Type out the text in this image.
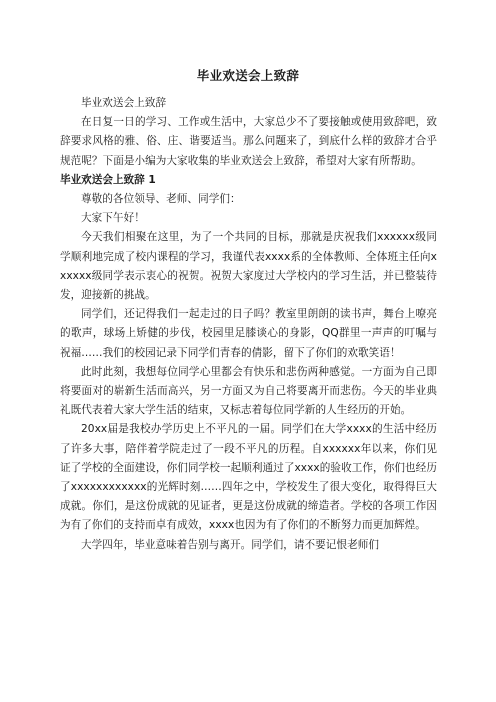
毕业欢送会上致辞

毕业欢送会上致辞

在日复一日的学习、工作或生活中，大家总少不了要接触或使用致辞吧，致辞要求风格的雅、俗、庄、谐要适当。那么问题来了，到底什么样的致辞才合乎规范呢？下面是小编为大家收集的毕业欢送会上致辞，希望对大家有所帮助。

毕业欢送会上致辞 1

尊敬的各位领导、老师、同学们：

大家下午好！

今天我们相聚在这里，为了一个共同的目标，那就是庆祝我们xxxxxx级同学顺利地完成了校内课程的学习，我谨代表xxxx系的全体教师、全体班主任向xxxxxx级同学表示衷心的祝贺。祝贺大家度过大学校内的学习生活，并已整装待发，迎接新的挑战。

同学们，还记得我们一起走过的日子吗？教室里朗朗的读书声，舞台上嘹亮的歌声，球场上矫健的步伐，校园里足膝谈心的身影，QQ群里一声声的叮嘱与祝福……我们的校园记录下同学们青春的倩影，留下了你们的欢歌笑语！

此时此刻，我想每位同学心里都会有快乐和悲伤两种感觉。一方面为自己即将要面对的崭新生活而高兴，另一方面又为自己将要离开而悲伤。今天的毕业典礼既代表着大家大学生活的结束，又标志着每位同学新的人生经历的开始。

20xx届是我校办学历史上不平凡的一届。同学们在大学xxxx的生活中经历了许多大事，陪伴着学院走过了一段不平凡的历程。自xxxxxx年以来，你们见证了学校的全面建设，你们同学校一起顺利通过了xxxx的验收工作，你们也经历了xxxxxxxxxxxx的光辉时刻……四年之中，学校发生了很大变化，取得得巨大成就。你们，是这份成就的见证者，更是这份成就的缔造者。学校的各项工作因为有了你们的支持而卓有成效，xxxx也因为有了你们的不断努力而更加辉煌。

大学四年，毕业意味着告别与离开。同学们，请不要记恨老师们
